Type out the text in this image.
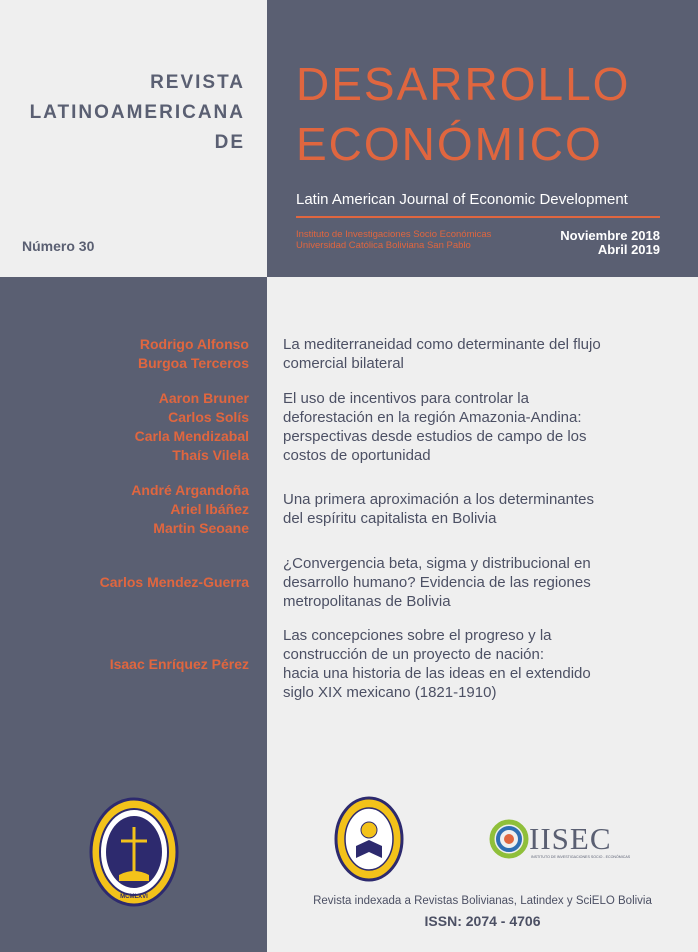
REVISTA
LATINOAMERICANA
DE
Número 30
DESARROLLO
ECONÓMICO
Latin American Journal of Economic Development
Instituto de Investigaciones Socio Económicas
Universidad Católica Boliviana San Pablo
Noviembre 2018
Abril 2019
Rodrigo Alfonso
Burgoa Terceros
Aaron Bruner
Carlos Solís
Carla Mendizabal
Thaís Vilela
André Argandoña
Ariel Ibáñez
Martin Seoane
Carlos Mendez-Guerra
Isaac Enríquez Pérez
MCMLXVI
La mediterraneidad como determinante del flujo
comercial bilateral
El uso de incentivos para controlar la
deforestación en la región Amazonia-Andina:
perspectivas desde estudios de campo de los
costos de oportunidad
Una primera aproximación a los determinantes
del espíritu capitalista en Bolivia
¿Convergencia beta, sigma y distribucional en
desarrollo humano? Evidencia de las regiones
metropolitanas de Bolivia
Las concepciones sobre el progreso y la
construcción de un proyecto de nación:
hacia una historia de las ideas en el extendido
siglo XIX mexicano (1821-1910)
IISEC
INSTITUTO DE INVESTIGACIONES SOCIO - ECONÓMICAS
Revista indexada a Revistas Bolivianas, Latindex y SciELO Bolivia
ISSN: 2074 - 4706
